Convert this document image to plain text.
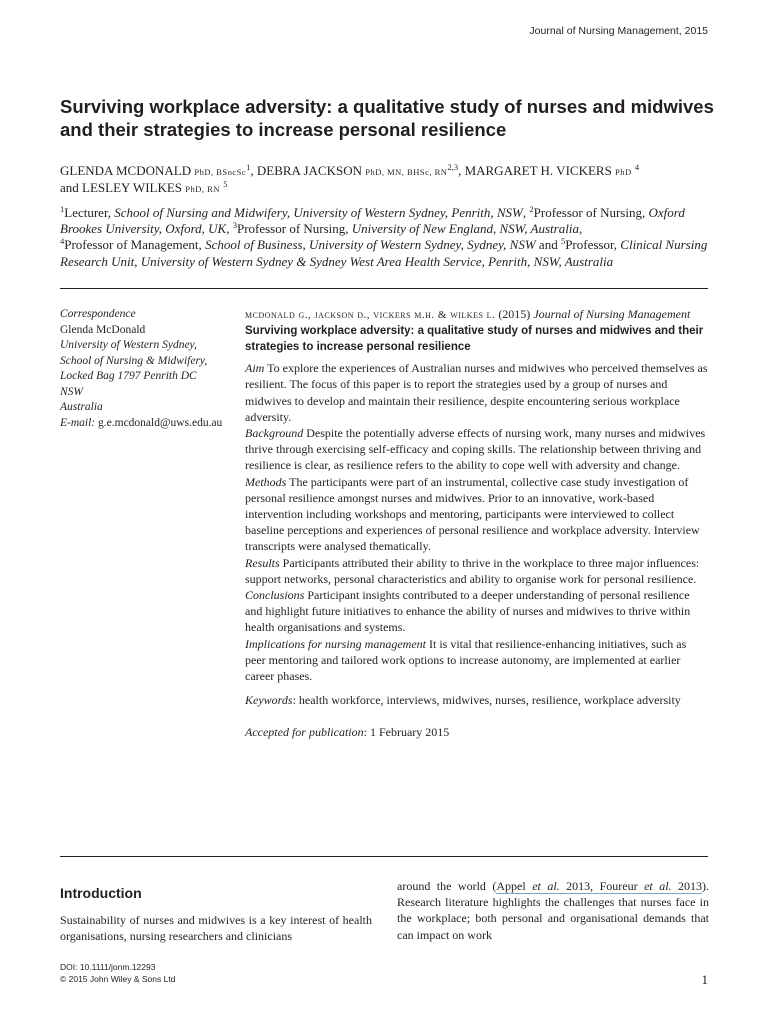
Journal of Nursing Management, 2015
Surviving workplace adversity: a qualitative study of nurses and midwives and their strategies to increase personal resilience
GLENDA MCDONALD PhD, BSocSc$^1$, DEBRA JACKSON PhD, MN, BHSc, RN$^{2,3}$, MARGARET H. VICKERS PhD $^4$
and LESLEY WILKES PhD, RN $^5$
$^1$Lecturer, School of Nursing and Midwifery, University of Western Sydney, Penrith, NSW, $^2$Professor of Nursing, Oxford Brookes University, Oxford, UK, $^3$Professor of Nursing, University of New England, NSW, Australia,
$^4$Professor of Management, School of Business, University of Western Sydney, Sydney, NSW and $^5$Professor, Clinical Nursing Research Unit, University of Western Sydney & Sydney West Area Health Service, Penrith, NSW, Australia
Correspondence
Glenda McDonald
University of Western Sydney,
School of Nursing & Midwifery,
Locked Bag 1797 Penrith DC
NSW
Australia
E-mail: g.e.mcdonald@uws.edu.au
mcdonald g., jackson d., vickers m.h. & wilkes l. (2015) Journal of Nursing Management
Surviving workplace adversity: a qualitative study of nurses and midwives and their strategies to increase personal resilience
Aim To explore the experiences of Australian nurses and midwives who perceived themselves as resilient. The focus of this paper is to report the strategies used by a group of nurses and midwives to develop and maintain their resilience, despite encountering serious workplace adversity.
Background Despite the potentially adverse effects of nursing work, many nurses and midwives thrive through exercising self-efficacy and coping skills. The relationship between thriving and resilience is clear, as resilience refers to the ability to cope well with adversity and change.
Methods The participants were part of an instrumental, collective case study investigation of personal resilience amongst nurses and midwives. Prior to an innovative, work-based intervention including workshops and mentoring, participants were interviewed to collect baseline perceptions and experiences of personal resilience and workplace adversity. Interview transcripts were analysed thematically.
Results Participants attributed their ability to thrive in the workplace to three major influences: support networks, personal characteristics and ability to organise work for personal resilience.
Conclusions Participant insights contributed to a deeper understanding of personal resilience and highlight future initiatives to enhance the ability of nurses and midwives to thrive within health organisations and systems.
Implications for nursing management It is vital that resilience-enhancing initiatives, such as peer mentoring and tailored work options to increase autonomy, are implemented at earlier career phases.
Keywords: health workforce, interviews, midwives, nurses, resilience, workplace adversity
Accepted for publication: 1 February 2015
Introduction

Sustainability of nurses and midwives is a key interest of health organisations, nursing researchers and clinicians

around the world (Appel et al. 2013, Foureur et al. 2013). Research literature highlights the challenges that nurses face in the workplace; both personal and organisational demands that can impact on work

DOI: 10.1111/jonm.12293
© 2015 John Wiley & Sons Ltd	1
